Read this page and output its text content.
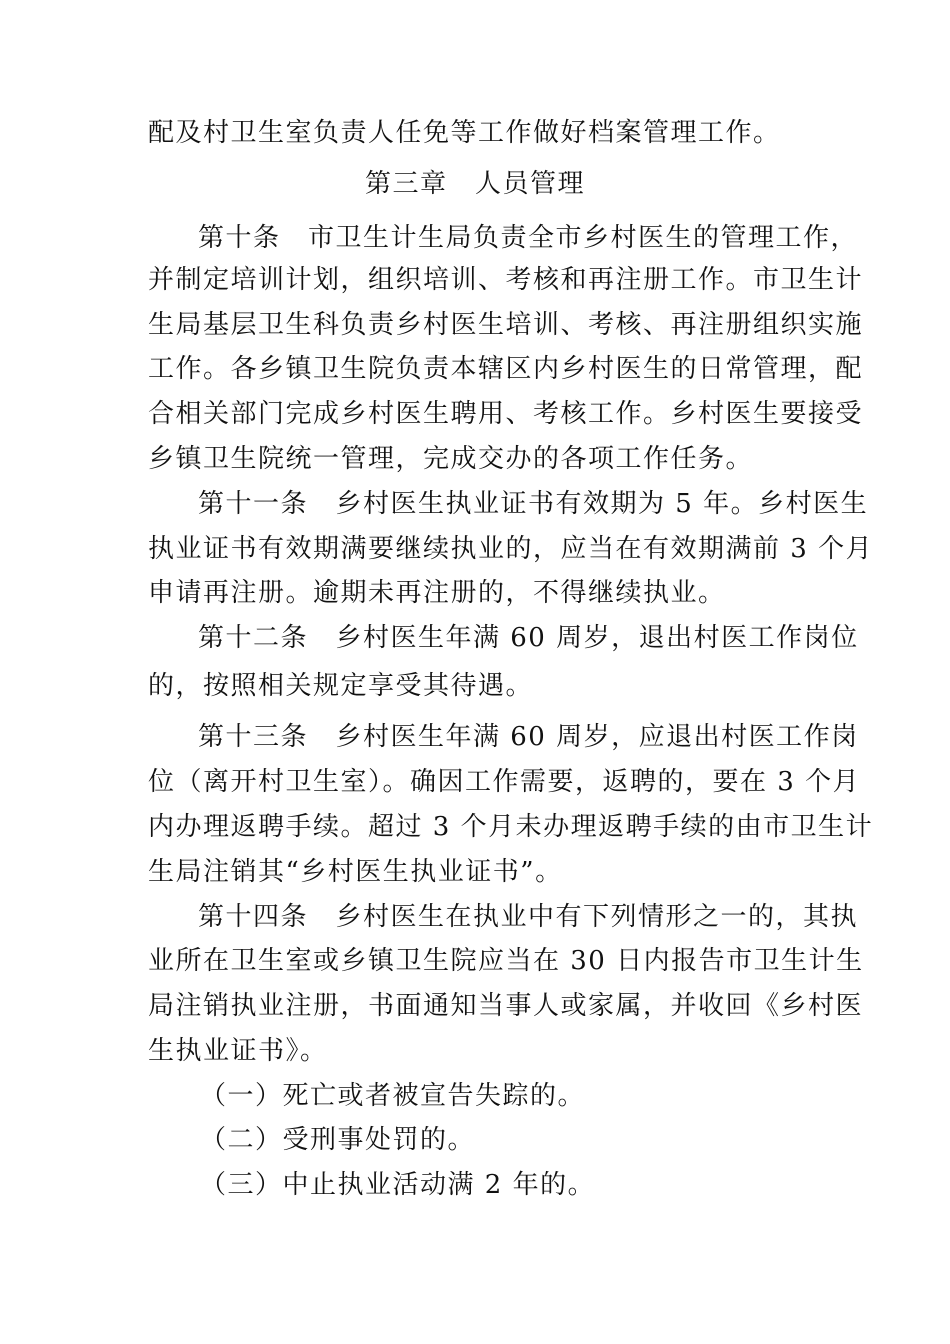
配及村卫生室负责人任免等工作做好档案管理工作。
第三章　人员管理
第十条　市卫生计生局负责全市乡村医生的管理工作，
并制定培训计划，组织培训、考核和再注册工作。市卫生计
生局基层卫生科负责乡村医生培训、考核、再注册组织实施
工作。各乡镇卫生院负责本辖区内乡村医生的日常管理，配
合相关部门完成乡村医生聘用、考核工作。乡村医生要接受
乡镇卫生院统一管理，完成交办的各项工作任务。
第十一条　乡村医生执业证书有效期为 5 年。乡村医生
执业证书有效期满要继续执业的，应当在有效期满前 3 个月
申请再注册。逾期未再注册的，不得继续执业。
第十二条　乡村医生年满 60 周岁，退出村医工作岗位
的，按照相关规定享受其待遇。
第十三条　乡村医生年满 60 周岁，应退出村医工作岗
位（离开村卫生室）。确因工作需要，返聘的，要在 3 个月
内办理返聘手续。超过 3 个月未办理返聘手续的由市卫生计
生局注销其“乡村医生执业证书”。
第十四条　乡村医生在执业中有下列情形之一的，其执
业所在卫生室或乡镇卫生院应当在 30 日内报告市卫生计生
局注销执业注册，书面通知当事人或家属，并收回《乡村医
生执业证书》。
（一）死亡或者被宣告失踪的。
（二）受刑事处罚的。
（三）中止执业活动满 2 年的。
